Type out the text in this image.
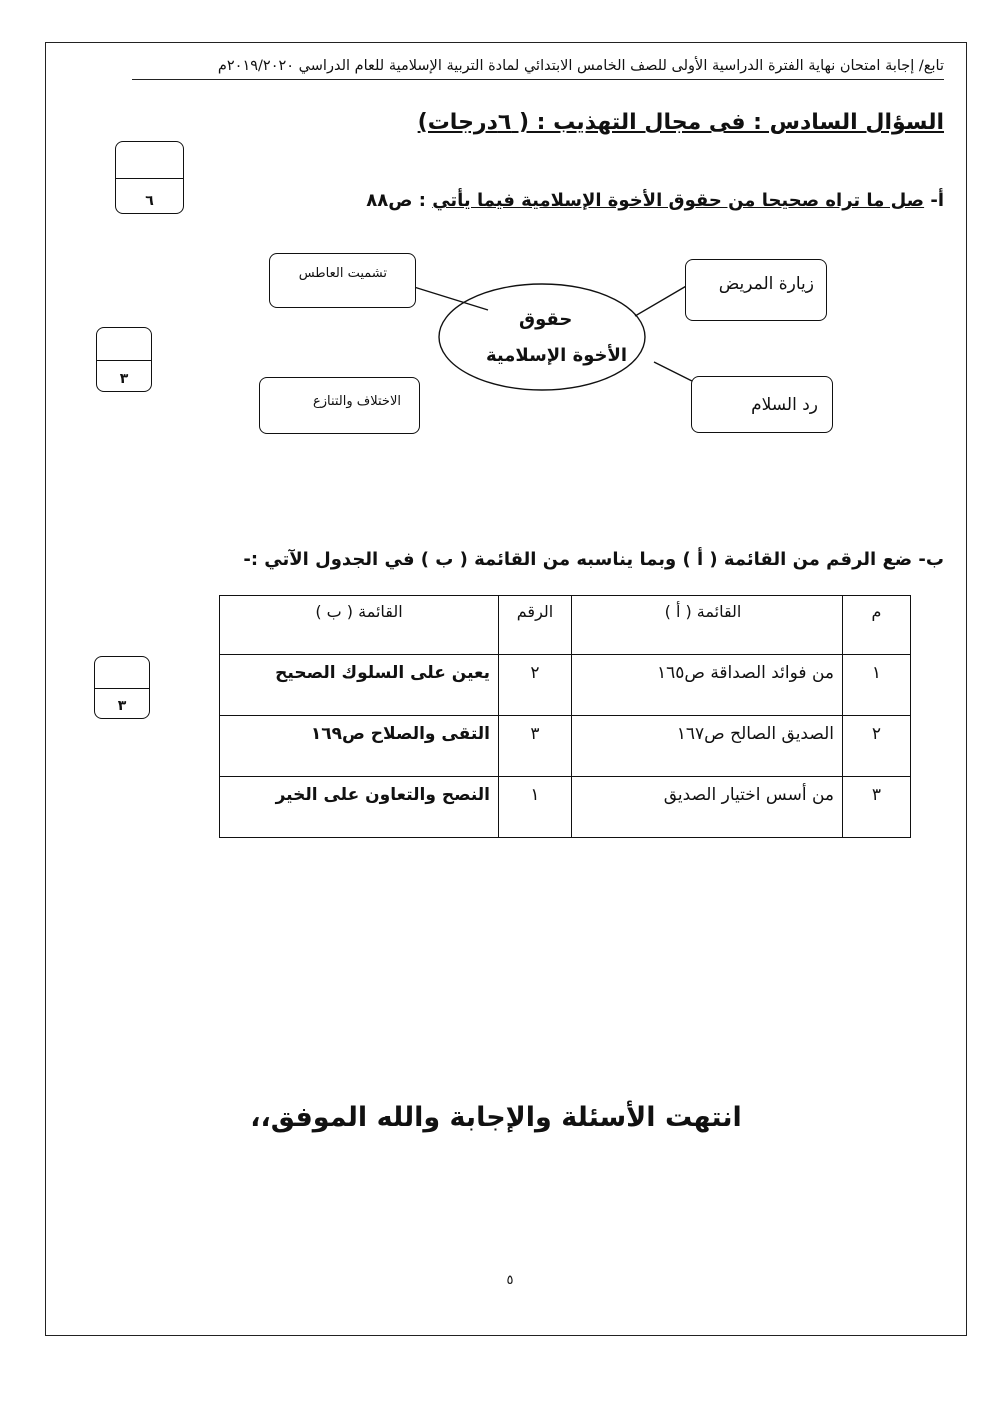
تابع/ إجابة امتحان نهاية الفترة الدراسية الأولى للصف الخامس الابتدائي لمادة التربية الإسلامية للعام الدراسي ٢٠١٩/٢٠٢٠م
السؤال السادس : فى مجال التهذيب : ( ٦درجات)
٦	أ- صل ما تراه صحيحا من حقوق الأخوة الإسلامية فيما يأتي : ص٨٨
٣
حقوق
الأخوة الإسلامية
تشميت العاطس
الاختلاف والتنازع
زيارة المريض
رد السلام
ب- ضع الرقم من القائمة ( أ ) وبما يناسبه من القائمة ( ب ) في الجدول الآتي :-
٣
م	القائمة ( أ )	الرقم	القائمة ( ب )
١	من فوائد الصداقة ص١٦٥	٢	يعين على السلوك الصحيح
٢	الصديق الصالح ص١٦٧	٣	التقى والصلاح ص١٦٩
٣	من أسس اختيار الصديق	١	النصح والتعاون على الخير
انتهت الأسئلة والإجابة والله الموفق،،
٥
